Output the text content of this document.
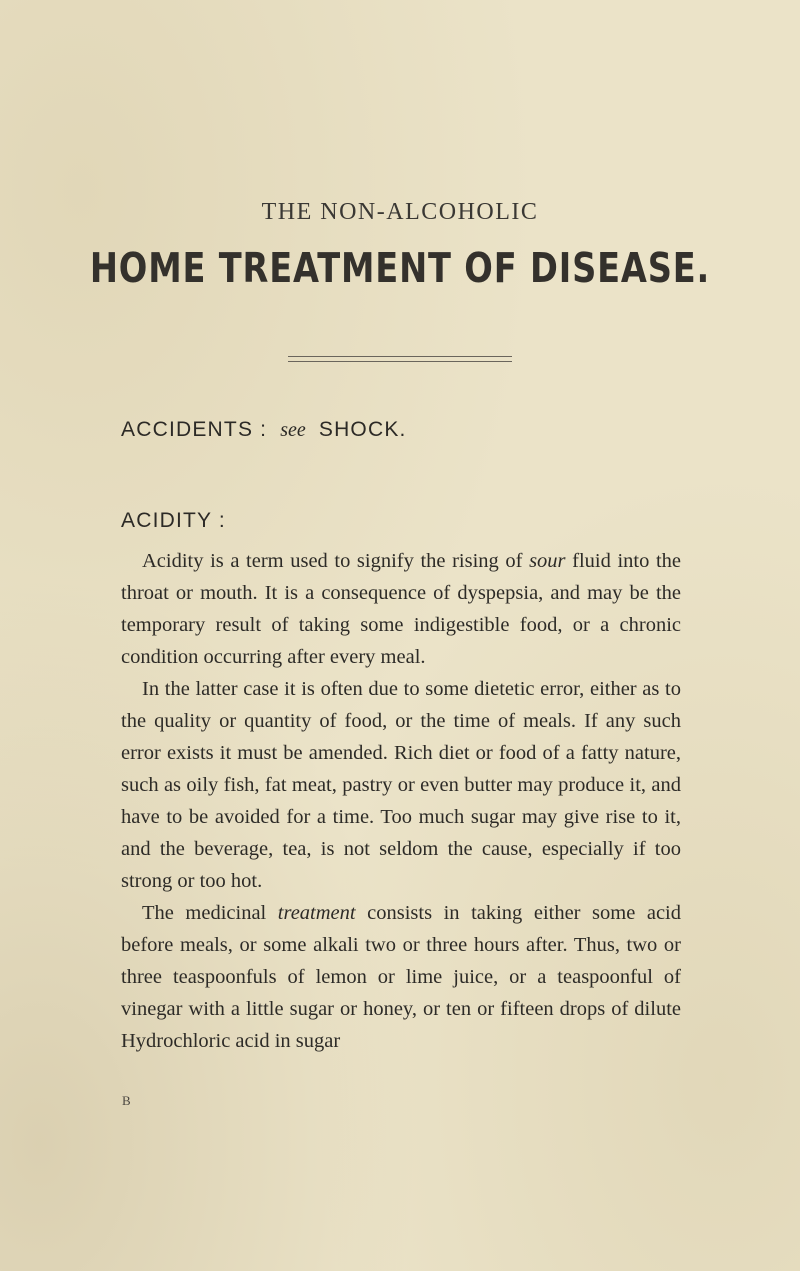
THE NON-ALCOHOLIC
HOME TREATMENT OF DISEASE.
ACCIDENTS : see SHOCK.
ACIDITY :

Acidity is a term used to signify the rising of sour fluid into the throat or mouth. It is a consequence of dyspepsia, and may be the temporary result of taking some indigestible food, or a chronic condition occurring after every meal.

In the latter case it is often due to some dietetic error, either as to the quality or quantity of food, or the time of meals. If any such error exists it must be amended. Rich diet or food of a fatty nature, such as oily fish, fat meat, pastry or even butter may produce it, and have to be avoided for a time. Too much sugar may give rise to it, and the beverage, tea, is not seldom the cause, especially if too strong or too hot.

The medicinal treatment consists in taking either some acid before meals, or some alkali two or three hours after. Thus, two or three teaspoonfuls of lemon or lime juice, or a teaspoonful of vinegar with a little sugar or honey, or ten or fifteen drops of dilute Hydrochloric acid in sugar

B
